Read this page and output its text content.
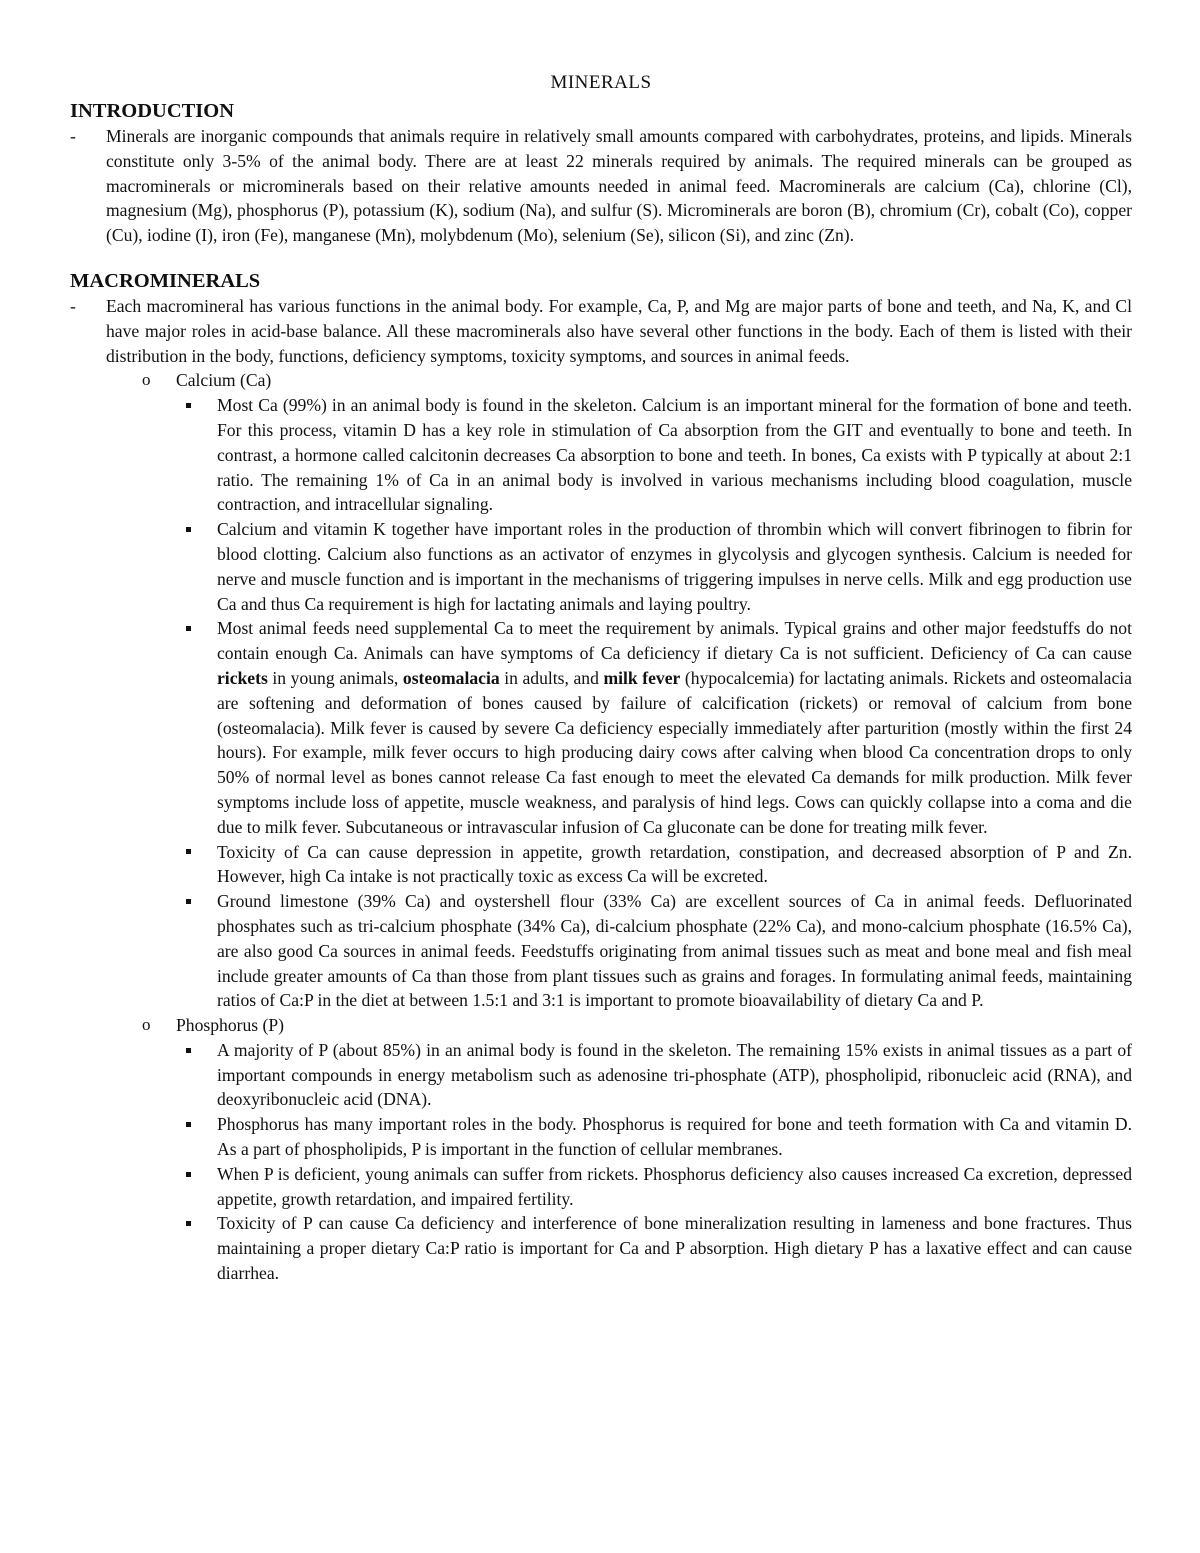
MINERALS
INTRODUCTION
-	Minerals are inorganic compounds that animals require in relatively small amounts compared with carbohydrates, proteins, and lipids. Minerals constitute only 3-5% of the animal body. There are at least 22 minerals required by animals. The required minerals can be grouped as macrominerals or microminerals based on their relative amounts needed in animal feed. Macrominerals are calcium (Ca), chlorine (Cl), magnesium (Mg), phosphorus (P), potassium (K), sodium (Na), and sulfur (S). Microminerals are boron (B), chromium (Cr), cobalt (Co), copper (Cu), iodine (I), iron (Fe), manganese (Mn), molybdenum (Mo), selenium (Se), silicon (Si), and zinc (Zn).
MACROMINERALS
-	Each macromineral has various functions in the animal body. For example, Ca, P, and Mg are major parts of bone and teeth, and Na, K, and Cl have major roles in acid-base balance. All these macrominerals also have several other functions in the body. Each of them is listed with their distribution in the body, functions, deficiency symptoms, toxicity symptoms, and sources in animal feeds.
o Calcium (Ca)
Most Ca (99%) in an animal body is found in the skeleton. Calcium is an important mineral for the formation of bone and teeth. For this process, vitamin D has a key role in stimulation of Ca absorption from the GIT and eventually to bone and teeth. In contrast, a hormone called calcitonin decreases Ca absorption to bone and teeth. In bones, Ca exists with P typically at about 2:1 ratio. The remaining 1% of Ca in an animal body is involved in various mechanisms including blood coagulation, muscle contraction, and intracellular signaling.
Calcium and vitamin K together have important roles in the production of thrombin which will convert fibrinogen to fibrin for blood clotting. Calcium also functions as an activator of enzymes in glycolysis and glycogen synthesis. Calcium is needed for nerve and muscle function and is important in the mechanisms of triggering impulses in nerve cells. Milk and egg production use Ca and thus Ca requirement is high for lactating animals and laying poultry.
Most animal feeds need supplemental Ca to meet the requirement by animals. Typical grains and other major feedstuffs do not contain enough Ca. Animals can have symptoms of Ca deficiency if dietary Ca is not sufficient. Deficiency of Ca can cause rickets in young animals, osteomalacia in adults, and milk fever (hypocalcemia) for lactating animals. Rickets and osteomalacia are softening and deformation of bones caused by failure of calcification (rickets) or removal of calcium from bone (osteomalacia). Milk fever is caused by severe Ca deficiency especially immediately after parturition (mostly within the first 24 hours). For example, milk fever occurs to high producing dairy cows after calving when blood Ca concentration drops to only 50% of normal level as bones cannot release Ca fast enough to meet the elevated Ca demands for milk production. Milk fever symptoms include loss of appetite, muscle weakness, and paralysis of hind legs. Cows can quickly collapse into a coma and die due to milk fever. Subcutaneous or intravascular infusion of Ca gluconate can be done for treating milk fever.
Toxicity of Ca can cause depression in appetite, growth retardation, constipation, and decreased absorption of P and Zn. However, high Ca intake is not practically toxic as excess Ca will be excreted.
Ground limestone (39% Ca) and oystershell flour (33% Ca) are excellent sources of Ca in animal feeds. Defluorinated phosphates such as tri-calcium phosphate (34% Ca), di-calcium phosphate (22% Ca), and mono-calcium phosphate (16.5% Ca), are also good Ca sources in animal feeds. Feedstuffs originating from animal tissues such as meat and bone meal and fish meal include greater amounts of Ca than those from plant tissues such as grains and forages. In formulating animal feeds, maintaining ratios of Ca:P in the diet at between 1.5:1 and 3:1 is important to promote bioavailability of dietary Ca and P.
o Phosphorus (P)
A majority of P (about 85%) in an animal body is found in the skeleton. The remaining 15% exists in animal tissues as a part of important compounds in energy metabolism such as adenosine tri-phosphate (ATP), phospholipid, ribonucleic acid (RNA), and deoxyribonucleic acid (DNA).
Phosphorus has many important roles in the body. Phosphorus is required for bone and teeth formation with Ca and vitamin D. As a part of phospholipids, P is important in the function of cellular membranes.
When P is deficient, young animals can suffer from rickets. Phosphorus deficiency also causes increased Ca excretion, depressed appetite, growth retardation, and impaired fertility.
Toxicity of P can cause Ca deficiency and interference of bone mineralization resulting in lameness and bone fractures. Thus maintaining a proper dietary Ca:P ratio is important for Ca and P absorption. High dietary P has a laxative effect and can cause diarrhea.
